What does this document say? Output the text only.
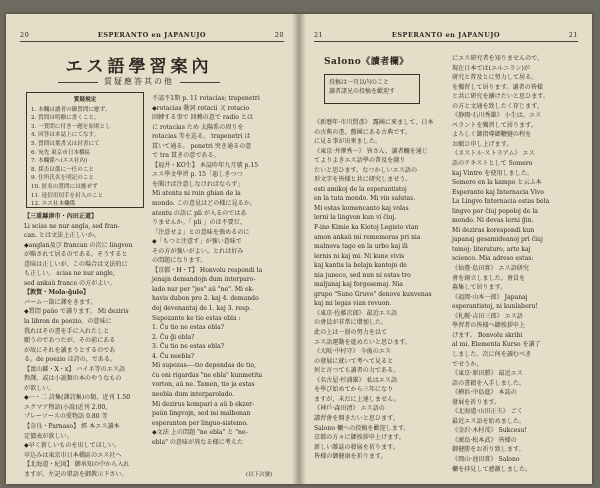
20	ESPERANTO en JAPANUJO	20
エス語學習案內
質疑應答其の他
質疑規定
1. 本欄は讀者の御質問に應ず。
2. 質問は明瞭に書くこと。
3. 一質問に付き一題を原則とし
4. 回答は本誌上にてなす。
5. 質問は葉書又は封書にて
6. 宛先 東京市日本橋區
7. 本欄係へ(エス社內)
8. 採否は係に一任のこと
9. 住所氏名を明記のこと
10. 匿名の質問には應ぜず
11. 返信用切手を封入のこと
12. エス社本欄係
【三重縣津市・內田正道】
Li scias ne nur angla, sed fran-
can. とは文法上正しいか。
◆anglan及び francan の次に lingvon
が略されて居るのである。そうすると
意味は正しいが、この場合は文法的に
も正しい。 scias ne nur angle,
sed ankaŭ france の方がよい。
【敦賀・Mola-ĝulo】
バーム一箇に譯をきます。
◆質問 paŭo で讀ります。 Mi deziris
la libron de poezio。の意味に
我れはその書を手に入れたしと
願うのであつたが、その前にある
が故にそれを讀まうとするのであ
る。de poezio は詩の、である。
【富山縣・X・x】 ハイネ等のエス語
對譯、或は小説類の本のやうなもの
が欲しい。
◆一・二 詩集(譯詩集)の類、近刊 1.50
エクマア物語(小說)近刊 2.00、
プレーソースの愛物語 0.80 等
【奈良・Parnaso】 經 本エス讀本
定價表が欲しい。
◆早く新しいものを出してほしい。
申込みは東京市日本橋區のエス社へ
【北海道・紀図】 御承知の中から入れ
ますが、左記の單語を御教示下さい。
不認不1期 p. 11 rotacias; trapenetri
◆rotacias 動詞 rotacii 又 rotacio
回轉する事で 回轉の意で radio とは
に rotacias ため 太陽系の周りを
rotacias 等を巡る。 trapenetri は
貫いて通る。 penetri 突き通るの意
で tra 貫きの意である。
【福井・KO生】 本誌昨年九月號 p.15
エス學文學習 p. 15「惡しきつつ
を聞けば注意しなければならず」
Mi atentu ni ruin ghian de la
mondo. この意見はどの様に見るか。
atentu の語に pli が入るのではあ
りませんか。「 pli 」のは不要だ、
「注意せよ」との意味を強めるのに
◆「もつと注意す」が強い意味で
その方が強いがよい。とれは好み
の問題になります。
【京都・H・T】 Honvolu respondi la
jenajn demandojn dum interparo-
lado nur per "jes" aŭ "ne". Mi ek-
havis dubon pro 2. kaj 4. demando
doj devenantaj de 1. kaj 3. resp.
Supozante ke tio estas ebla :
1. Ĉu tio ne estas ebla?
2. Ĉu ĝi ebla?
3. Ĉu tio ne estas ebla?
4. Ĉu neebla?
Mi supozas----tio dependas de tio,
ĉu oni rigardas "ne ebla" kunmetita
vorton, aŭ ne. Tamen, tio ja estas
neebla dum interparolado.
Mi dezirus kompari a aŭ b ekzer-
paŭn lingvojn, sed mi malbonan
esperanton per linguo-sistemo.
◆文法 上の問題 "ne ebla" と "ne-
ebla" の意味が異なる様に考えた
(以下次號)
21	ESPERANTO en JAPANUJO	21
Salono《讀者欄》
投稿は一頁以內のこと
讀者諸兄の投稿を歡迎す
《新曆年·市川賢彥》 露國に來まして、日本
の古典の書、舊國にある古典です。
に見る事が出來ました。
《東京·井澤秀一》 皆さん、讀者欄を通じ
てよりよきエス語學の普及を圖り
たいと思ひます。なつかしいエス語の
形文字を皆様と共に研究しませう。
esti amikoj de la esperantistoj
en la tuta mondo. Mi vin salutas.
Mi estas komencanto kaj volas
lerni la lingvon kun vi ĉiuj.
F-ino Kimie ka Kiotoj Legisto vian
amon ankaŭ mi rememoras pri nia
malnova tago en la urbo kaj ili
lernis ni kaj mi. Ni kune vivis
kaj kantis la belajn kantojn de
nia juneco, sed nun ni estas tro
maljunaj kaj forgesemaj. Nia
grupo "Suno Gruvo" denove kunvenas
kaj mi legas vian revuon.
《東京·佐藤次郎》 最近エス語
の會員が非常に增加した。
此の上は一層の努力を以て
エス語運動を進めたいと思ひます。
《大阪·中村守》 今後のエス
の發展に就いて考へて見ると
何と言つても讀者の力である。
《名古屋·杉浦雄》 私はエス語
を學び始めてから三年になり
ますが、未だに上達しません。
《神戶·森田清》 エス語の
講習會を開きたいと思ひます。
Salono 欄への投稿を歡迎します。
京都の方々に御挨拶申上げます。
新しい雜誌の發展を祈ります。
皆様の御健康を祈ります。
にエス研究者を知りませんので、
現在日本では(エルニラン)が
研究と普及とに努力して居る。
を獨習して居ります。讀者の皆様
と共に研究を續けたいと思ひます。
の方と文通を致したく存じます。
《静岡·石川秀雄》 小生は、エス
ペラントを獨習して居ります。
よろしく御指導御鞭撻の程を
お願ひ申し上げます。
《ネストル·ストラアム》 エス
語のテキストとして Somero
kaj Vintro を使用しました。
Somero en la kampo と云ふ本
Esperanto kaj Internacia Vivo
La Lingvo Internacia estas bela
lingvo por ĉiuj popoloj de la
mondo. Ni devas lerni ĝin.
Mi deziras korespondi kun
japanaj gesamideanoj pri ĉiuj
temoj: literaturo, arto kaj
scienco. Mia adreso estas:
《仙臺·島田實》 エス語研究
會を創立しました。會員を
募集して居ります。
《福岡·山本一郎》 Japanaj
esperantistoj, ni kunlaboru!
《札幌·吉田三郎》 エス語
學習者の皆様へ御挨拶申上
げます。 Bonvolu skribi
al mi. Elementa Kurso を讀了
しました。次に何を讀むべき
でせうか。
《東京·原田勝》 最近エス
語の書籍を入手しました。
《横浜·中島進》 本誌の
發展を祈ります。
《北海道·山田正夫》 ごく
最近エス語を始めました。
《金沢·木村茂》 Sukcesu!
《廣島·松本武》 皆様の
御健勝をお祈り致します。
《岡山·池田實》 Salono
欄を拝見して感激しました。
